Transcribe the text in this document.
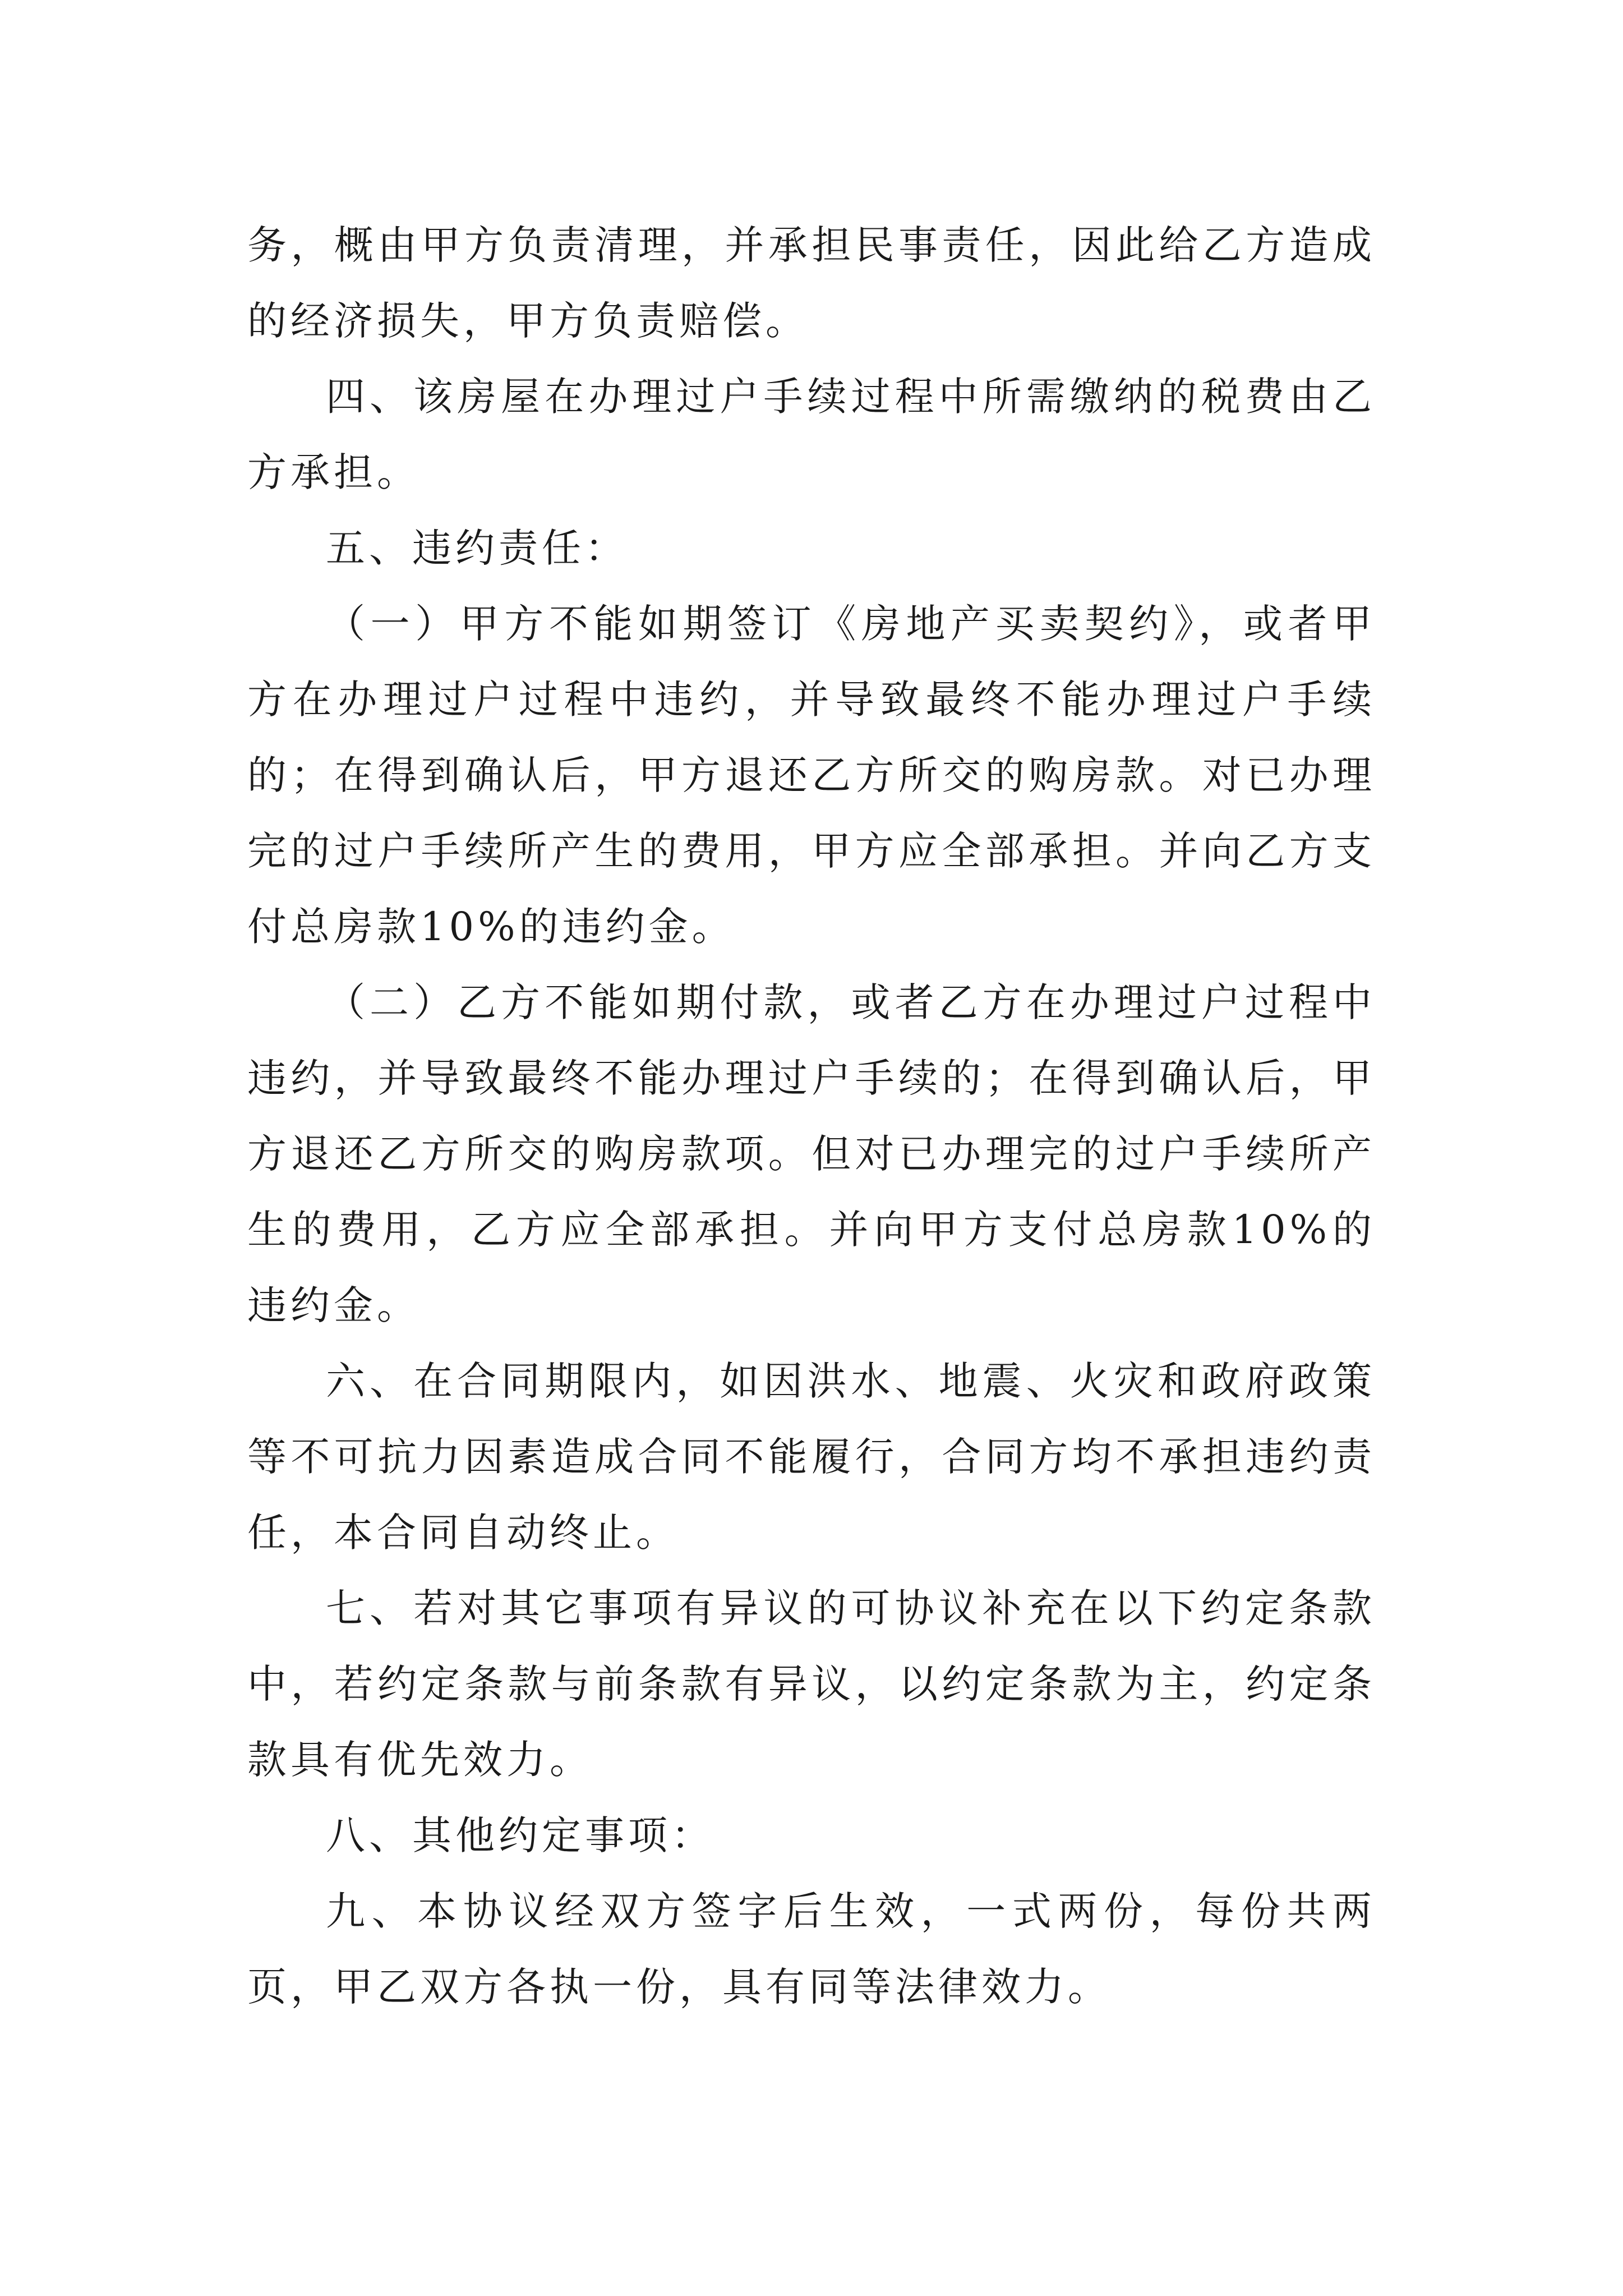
务，概由甲方负责清理，并承担民事责任，因此给乙方造成的经济损失，甲方负责赔偿。

四、该房屋在办理过户手续过程中所需缴纳的税费由乙方承担。

五、违约责任：

（一）甲方不能如期签订《房地产买卖契约》，或者甲方在办理过户过程中违约，并导致最终不能办理过户手续的；在得到确认后，甲方退还乙方所交的购房款。对已办理完的过户手续所产生的费用，甲方应全部承担。并向乙方支付总房款10%的违约金。

（二）乙方不能如期付款，或者乙方在办理过户过程中违约，并导致最终不能办理过户手续的；在得到确认后，甲方退还乙方所交的购房款项。但对已办理完的过户手续所产生的费用，乙方应全部承担。并向甲方支付总房款10%的违约金。

六、在合同期限内，如因洪水、地震、火灾和政府政策等不可抗力因素造成合同不能履行，合同方均不承担违约责任，本合同自动终止。

七、若对其它事项有异议的可协议补充在以下约定条款中，若约定条款与前条款有异议，以约定条款为主，约定条款具有优先效力。

八、其他约定事项：

九、本协议经双方签字后生效，一式两份，每份共两页，甲乙双方各执一份，具有同等法律效力。
